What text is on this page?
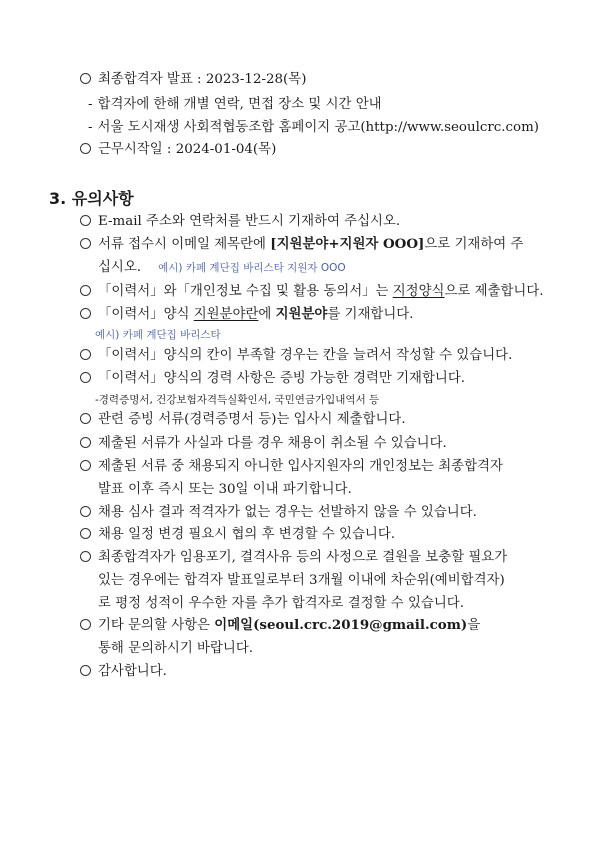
최종합격자 발표 : 2023-12-28(목)
- 합격자에 한해 개별 연락, 면접 장소 및 시간 안내
- 서울 도시재생 사회적협동조합 홈페이지 공고(http://www.seoulcrc.com)
근무시작일 : 2024-01-04(목)
3. 유의사항
E-mail 주소와 연락처를 반드시 기재하여 주십시오.
서류 접수시 이메일 제목란에 [지원분야+지원자 OOO]으로 기재하여 주
십시오. 예시) 카페 계단집 바리스타 지원자 OOO
「이력서」와「개인정보 수집 및 활용 동의서」는 지정양식으로 제출합니다.
「이력서」양식 지원분야란에 지원분야를 기재합니다.
예시) 카페 계단집 바리스타
「이력서」양식의 칸이 부족할 경우는 칸을 늘려서 작성할 수 있습니다.
「이력서」양식의 경력 사항은 증빙 가능한 경력만 기재합니다.
-경력증명서, 건강보험자격득실확인서, 국민연금가입내역서 등
관련 증빙 서류(경력증명서 등)는 입사시 제출합니다.
제출된 서류가 사실과 다를 경우 채용이 취소될 수 있습니다.
제출된 서류 중 채용되지 아니한 입사지원자의 개인정보는 최종합격자
발표 이후 즉시 또는 30일 이내 파기합니다.
채용 심사 결과 적격자가 없는 경우는 선발하지 않을 수 있습니다.
채용 일정 변경 필요시 협의 후 변경할 수 있습니다.
최종합격자가 임용포기, 결격사유 등의 사정으로 결원을 보충할 필요가
있는 경우에는 합격자 발표일로부터 3개월 이내에 차순위(예비합격자)
로 평정 성적이 우수한 자를 추가 합격자로 결정할 수 있습니다.
기타 문의할 사항은 이메일(seoul.crc.2019@gmail.com)을
통해 문의하시기 바랍니다.
감사합니다.
